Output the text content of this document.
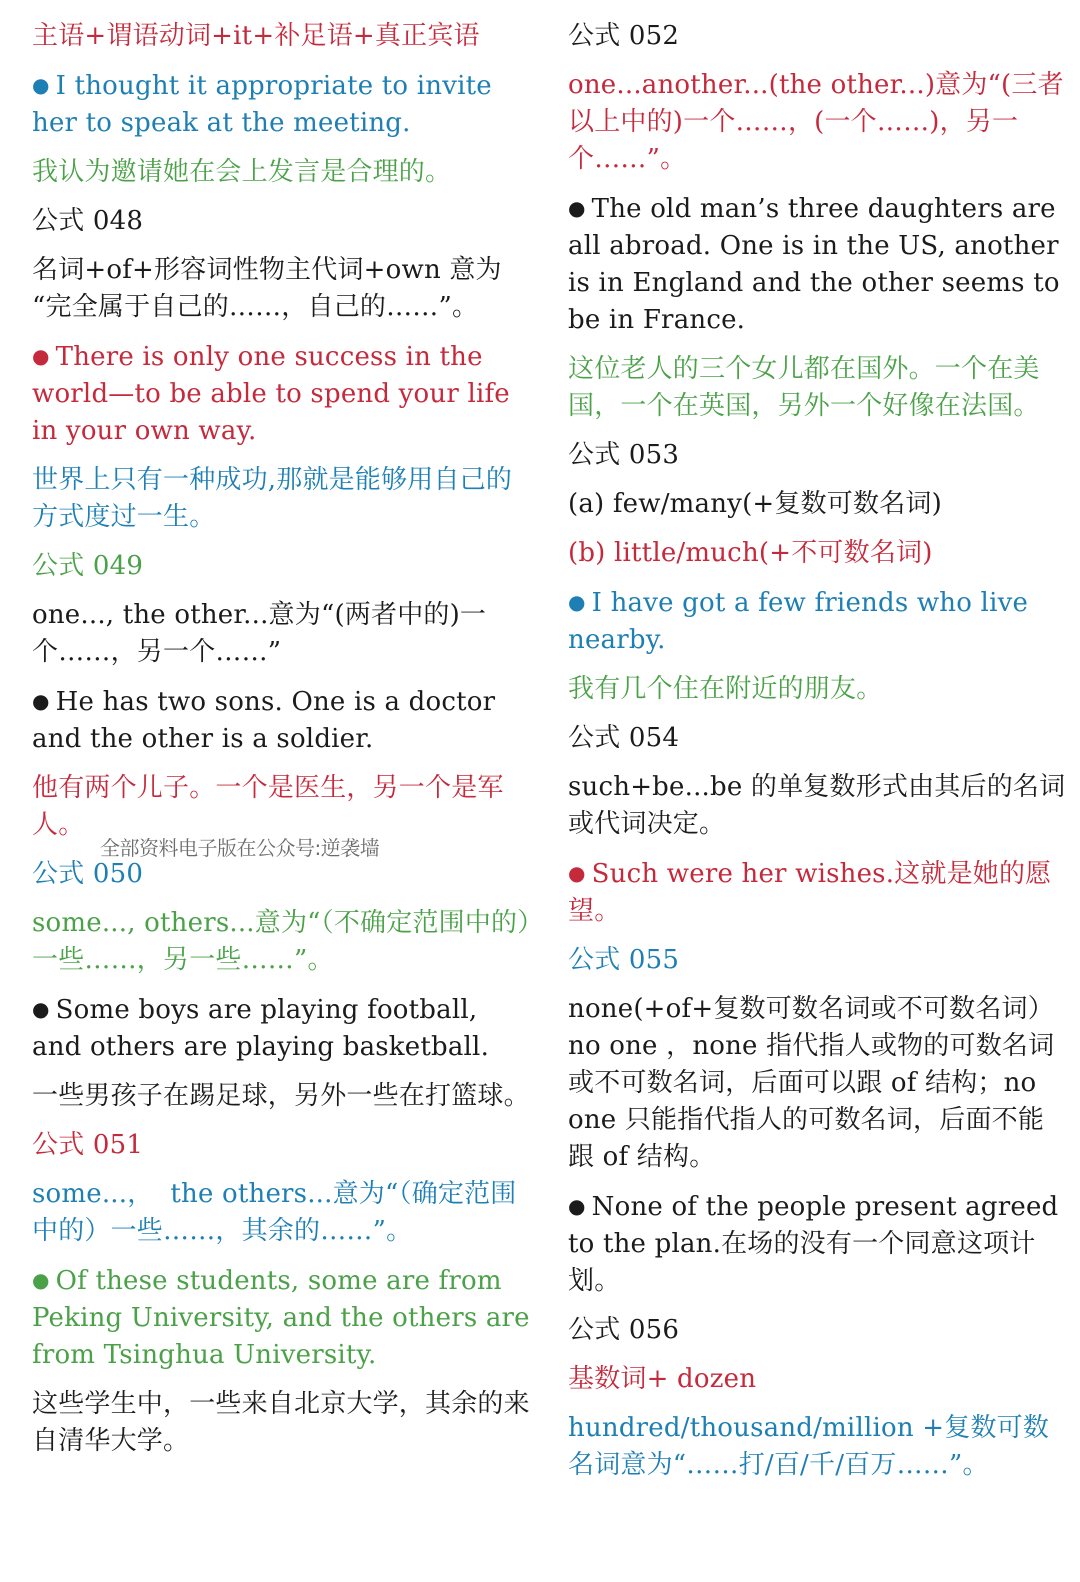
主语+谓语动词+it+补足语+真正宾语

● I thought it appropriate to invite her to speak at the meeting.

我认为邀请她在会上发言是合理的。

公式 048

名词+of+形容词性物主代词+own 意为
“完全属于自己的……，自己的……”。

● There is only one success in the world—to be able to spend your life in your own way.

世界上只有一种成功,那就是能够用自己的方式度过一生。

公式 049

one..., the other...意为“(两者中的)一个……，另一个……”

● He has two sons. One is a doctor and the other is a soldier.

他有两个儿子。一个是医生，另一个是军人。

公式 050

some..., others...意为“（不确定范围中的）一些……，另一些……”。

● Some boys are playing football, and others are playing basketball.

一些男孩子在踢足球，另外一些在打篮球。

公式 051

some...，  the others...意为“（确定范围中的）一些……，其余的……”。

● Of these students, some are from Peking University, and the others are from Tsinghua University.

这些学生中，一些来自北京大学，其余的来自清华大学。

公式 052

one...another...(the other...)意为“(三者以上中的)一个……，(一个……)，另一个……”。

● The old man’s three daughters are all abroad. One is in the US, another is in England and the other seems to be in France.

这位老人的三个女儿都在国外。一个在美国，一个在英国，另外一个好像在法国。

公式 053

(a) few/many(+复数可数名词)

(b) little/much(+不可数名词)

● I have got a few friends who live nearby.

我有几个住在附近的朋友。

公式 054

such+be...be 的单复数形式由其后的名词或代词决定。

● Such were her wishes.这就是她的愿望。

公式 055

none(+of+复数可数名词或不可数名词）no one ，none 指代指人或物的可数名词或不可数名词，后面可以跟 of 结构；no one 只能指代指人的可数名词，后面不能跟 of 结构。

● None of the people present agreed to the plan.在场的没有一个同意这项计划。

公式 056

基数词+ dozen

hundred/thousand/million +复数可数名词意为“……打/百/千/百万……”。

全部资料电子版在公众号:逆袭墙
